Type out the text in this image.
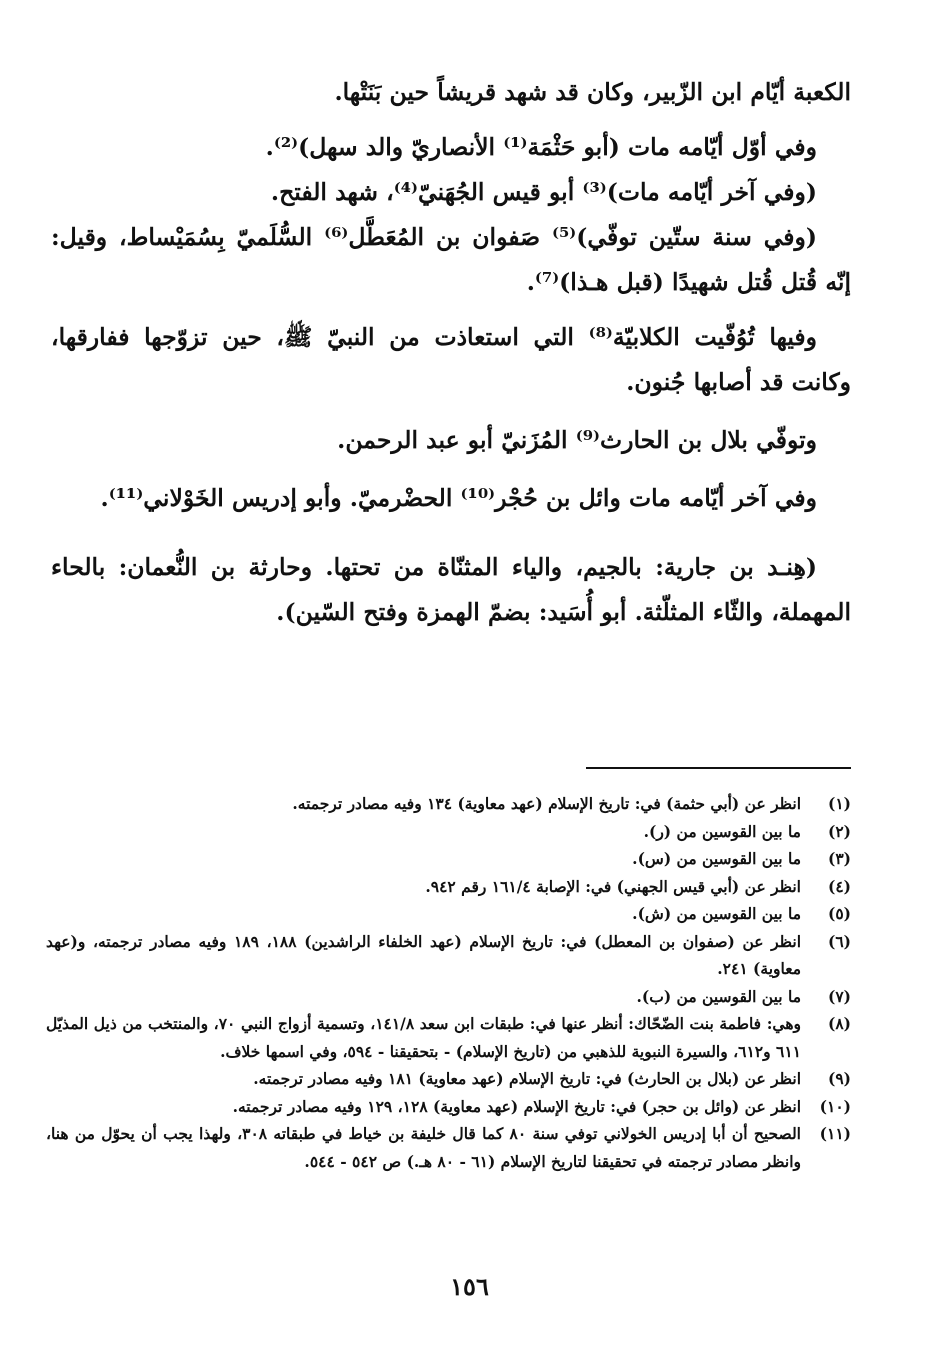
الكعبة أيّام ابن الزّبير، وكان قد شهد قريشاً حين بَنَتْها.

وفي أوّل أيّامه مات (أبو حَثْمَة⁽¹⁾ الأنصاريّ والد سهل)⁽²⁾.

(وفي آخر أيّامه مات)⁽³⁾ أبو قيس الجُهَنيّ⁽⁴⁾، شهد الفتح.

(وفي سنة ستّين توفّي)⁽⁵⁾ صَفوان بن المُعَطَّل⁽⁶⁾ السُّلَميّ بِسُمَيْساط، وقيل: إنّه قُتل قُتل شهيدًا (قبل هـذا)⁽⁷⁾.

وفيها تُوُفّيت الكلابيّة⁽⁸⁾ التي استعاذت من النبيّ ﷺ، حين تزوّجها ففارقها، وكانت قد أصابها جُنون.

وتوفّي بلال بن الحارث⁽⁹⁾ المُزَنيّ أبو عبد الرحمن.

وفي آخر أيّامه مات وائل بن حُجْر⁽¹⁰⁾ الحضْرميّ. وأبو إدريس الخَوْلاني⁽¹¹⁾.

(هِنـد بن جارية: بالجيم، والياء المثنّاة من تحتها. وحارثة بن النُّعمان: بالحاء المهملة، والثّاء المثلّثة. أبو أُسَيد: بضمّ الهمزة وفتح السّين).

(١)
انظر عن (أبي حثمة) في: تاريخ الإسلام (عهد معاوية) ١٣٤ وفيه مصادر ترجمته.
(٢)
ما بين القوسين من (ر).
(٣)
ما بين القوسين من (س).
(٤)
انظر عن (أبي قيس الجهني) في: الإصابة ١٦١/٤ رقم ٩٤٢.
(٥)
ما بين القوسين من (ش).
(٦)
انظر عن (صفوان بن المعطل) في: تاريخ الإسلام (عهد الخلفاء الراشدين) ١٨٨، ١٨٩ وفيه مصادر ترجمته، و(عهد معاوية) ٢٤١.
(٧)
ما بين القوسين من (ب).
(٨)
وهي: فاطمة بنت الضّحّاك: أنظر عنها في: طبقات ابن سعد ١٤١/٨، وتسمية أزواج النبي ٧٠، والمنتخب من ذيل المذيّل ٦١١ و٦١٢، والسيرة النبوية للذهبي من (تاريخ الإسلام) - بتحقيقنا - ٥٩٤، وفي اسمها خلاف.
(٩)
انظر عن (بلال بن الحارث) في: تاريخ الإسلام (عهد معاوية) ١٨١ وفيه مصادر ترجمته.
(١٠)
انظر عن (وائل بن حجر) في: تاريخ الإسلام (عهد معاوية) ١٢٨، ١٢٩ وفيه مصادر ترجمته.
(١١)
الصحيح أن أبا إدريس الخولاني توفي سنة ٨٠ كما قال خليفة بن خياط في طبقاته ٣٠٨، ولهذا يجب أن يحوّل من هنا، وانظر مصادر ترجمته في تحقيقنا لتاريخ الإسلام (٦١ - ٨٠ هـ.) ص ٥٤٢ - ٥٤٤.
١٥٦
